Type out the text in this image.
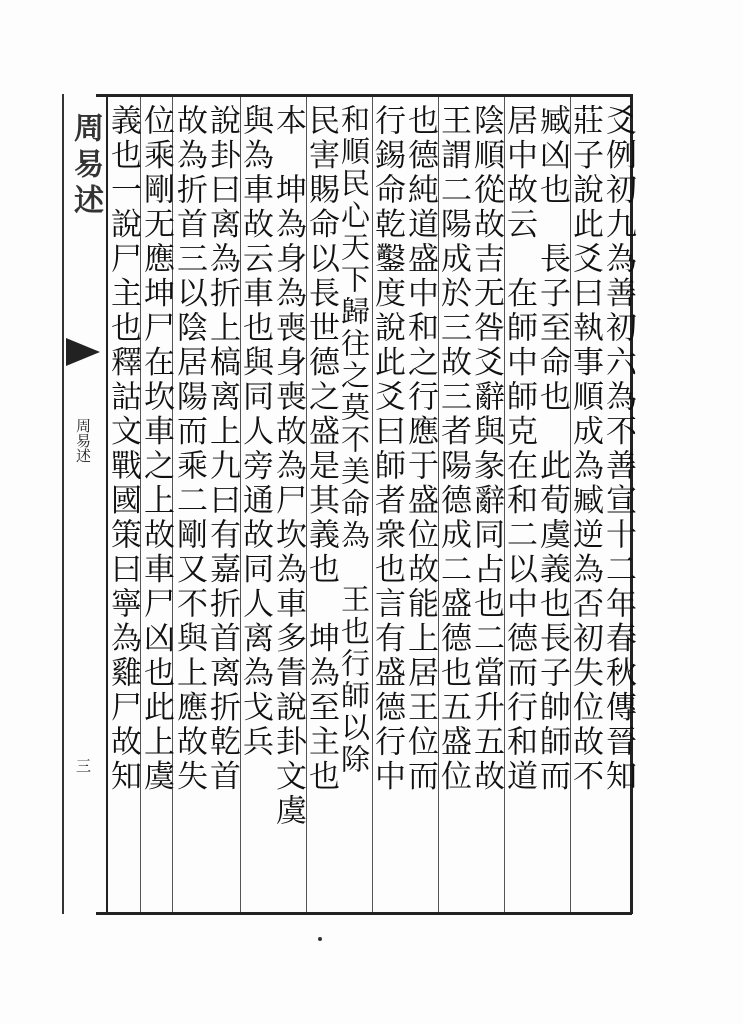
周易述
周易述
三	爻例初九為善初六為不善宣十二年春秋傳晉知
莊子說此爻曰執事順成為臧逆為否初失位故不
臧凶也　長子至命也　此荀虞義也長子帥師而
居中故云　在師中師克在和二以中德而行和道
陰順從故吉无咎爻辭與彖辭同占也二當升五故
王謂二陽成於三故三者陽德成二盛德也五盛位
也德純道盛中和之行應于盛位故能上居王位而
行錫命乾鑿度說此爻曰師者衆也言有盛德行中
和順民心天下歸往之莫不美命為　王也行師以除
民害賜命以長世德之盛是其義也　坤為至主也
本　坤為身為喪身喪故為尸坎為車多眚說卦文虞
與為車故云車也與同人旁通故同人离為戈兵
說卦曰离為折上槁离上九曰有嘉折首离折乾首
故為折首三以陰居陽而乘二剛又不與上應故失
位乘剛无應坤尸在坎車之上故車尸凶也此上虞
義也一說尸主也釋詁文戰國策曰寧為雞尸故知
